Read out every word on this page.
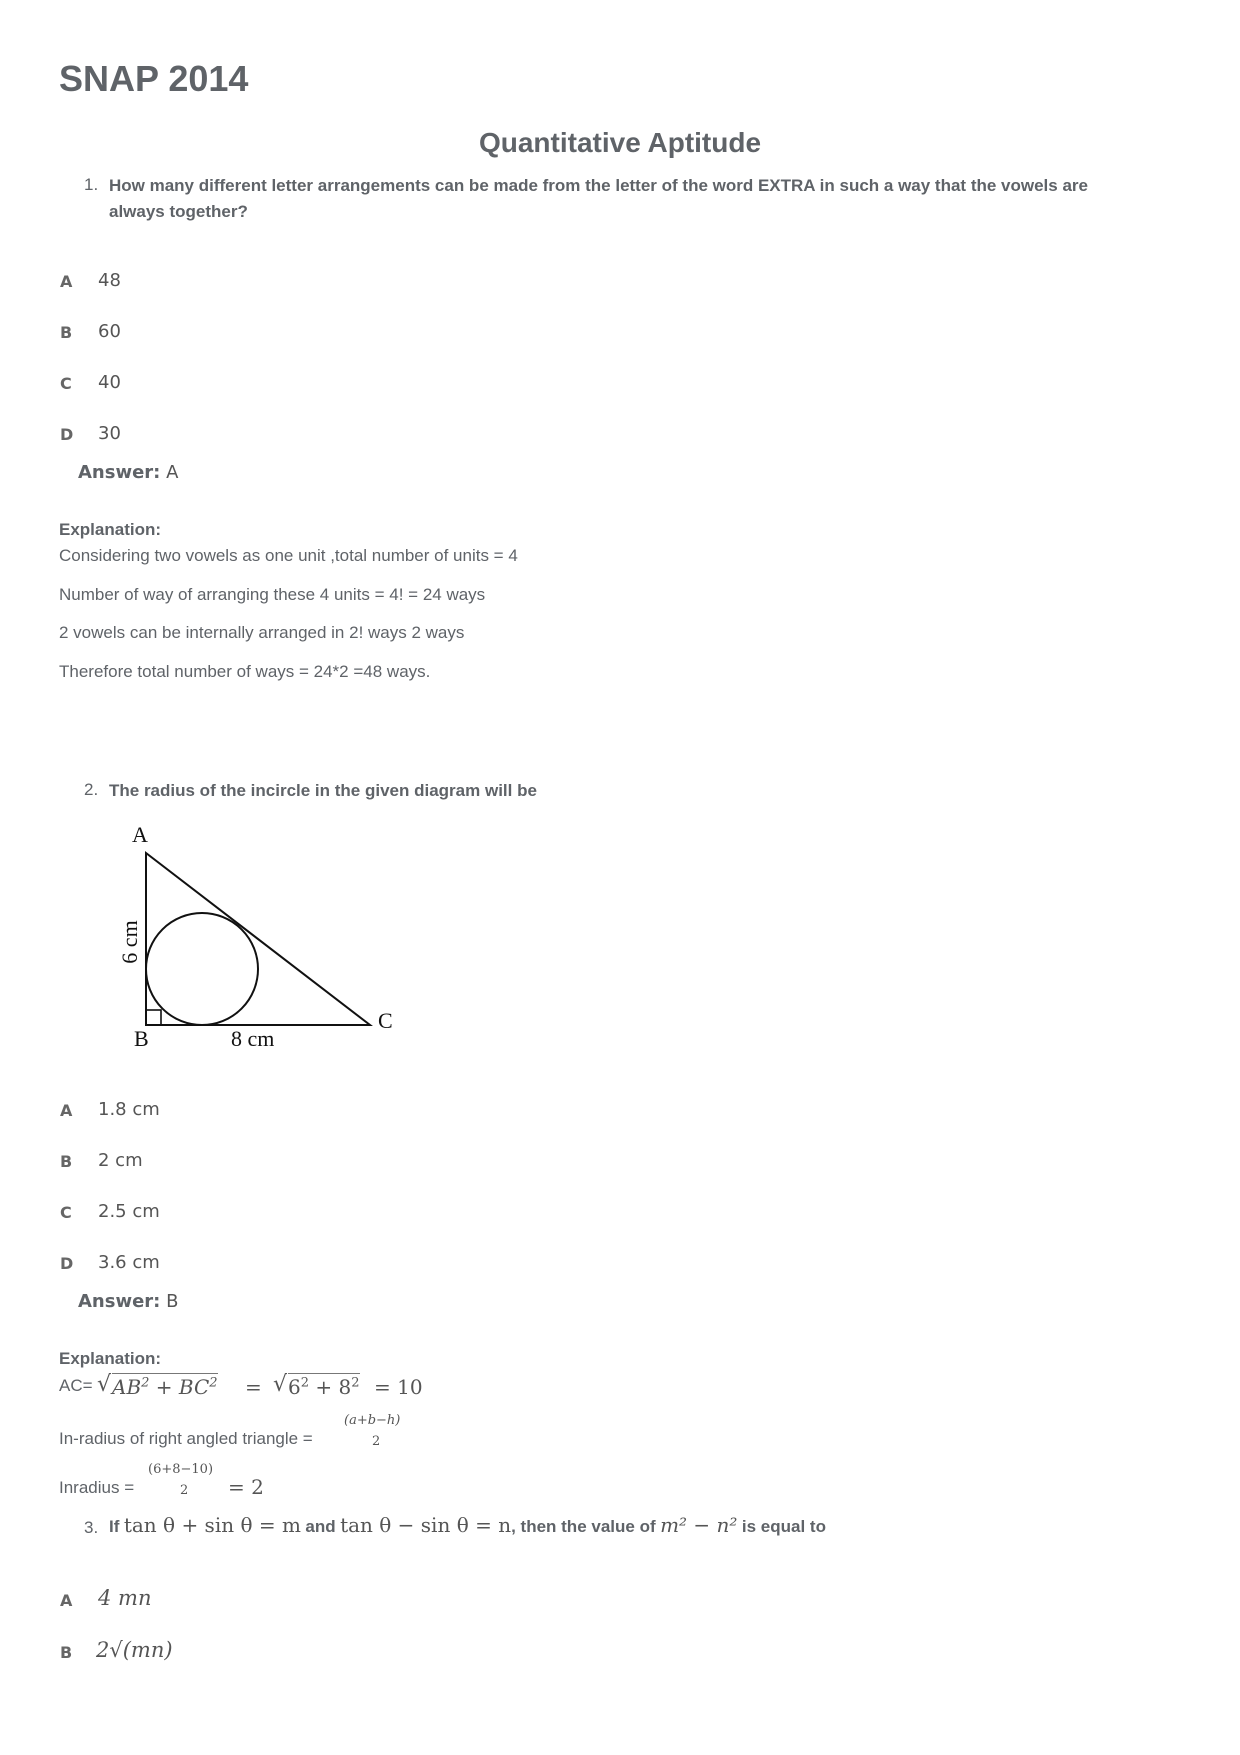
SNAP 2014
Quantitative Aptitude
1. How many different letter arrangements can be made from the letter of the word EXTRA in such a way that the vowels are
always together?
A 48
B 60
C 40
D 30
Answer: A
Explanation:
Considering two vowels as one unit ,total number of units = 4
Number of way of arranging these 4 units = 4! = 24 ways
2 vowels can be internally arranged in 2! ways 2 ways
Therefore total number of ways = 24*2 =48 ways.
2. The radius of the incircle in the given diagram will be
A
B
C
8 cm
6 cm
A 1.8 cm
B 2 cm
C 2.5 cm
D 3.6 cm
Answer: B
Explanation:
AC= √ $AB^2 + BC^2$ = √ $6^2 + 8^2 = 10$
In-radius of right angled triangle =
(a+b−h)
2
Inradius =
(6+8−10)
2 = 2
3. If tan θ + sin θ = m and tan θ − sin θ = n, then the value of m² − n² is equal to
A 4 mn
B 2√(mn)
